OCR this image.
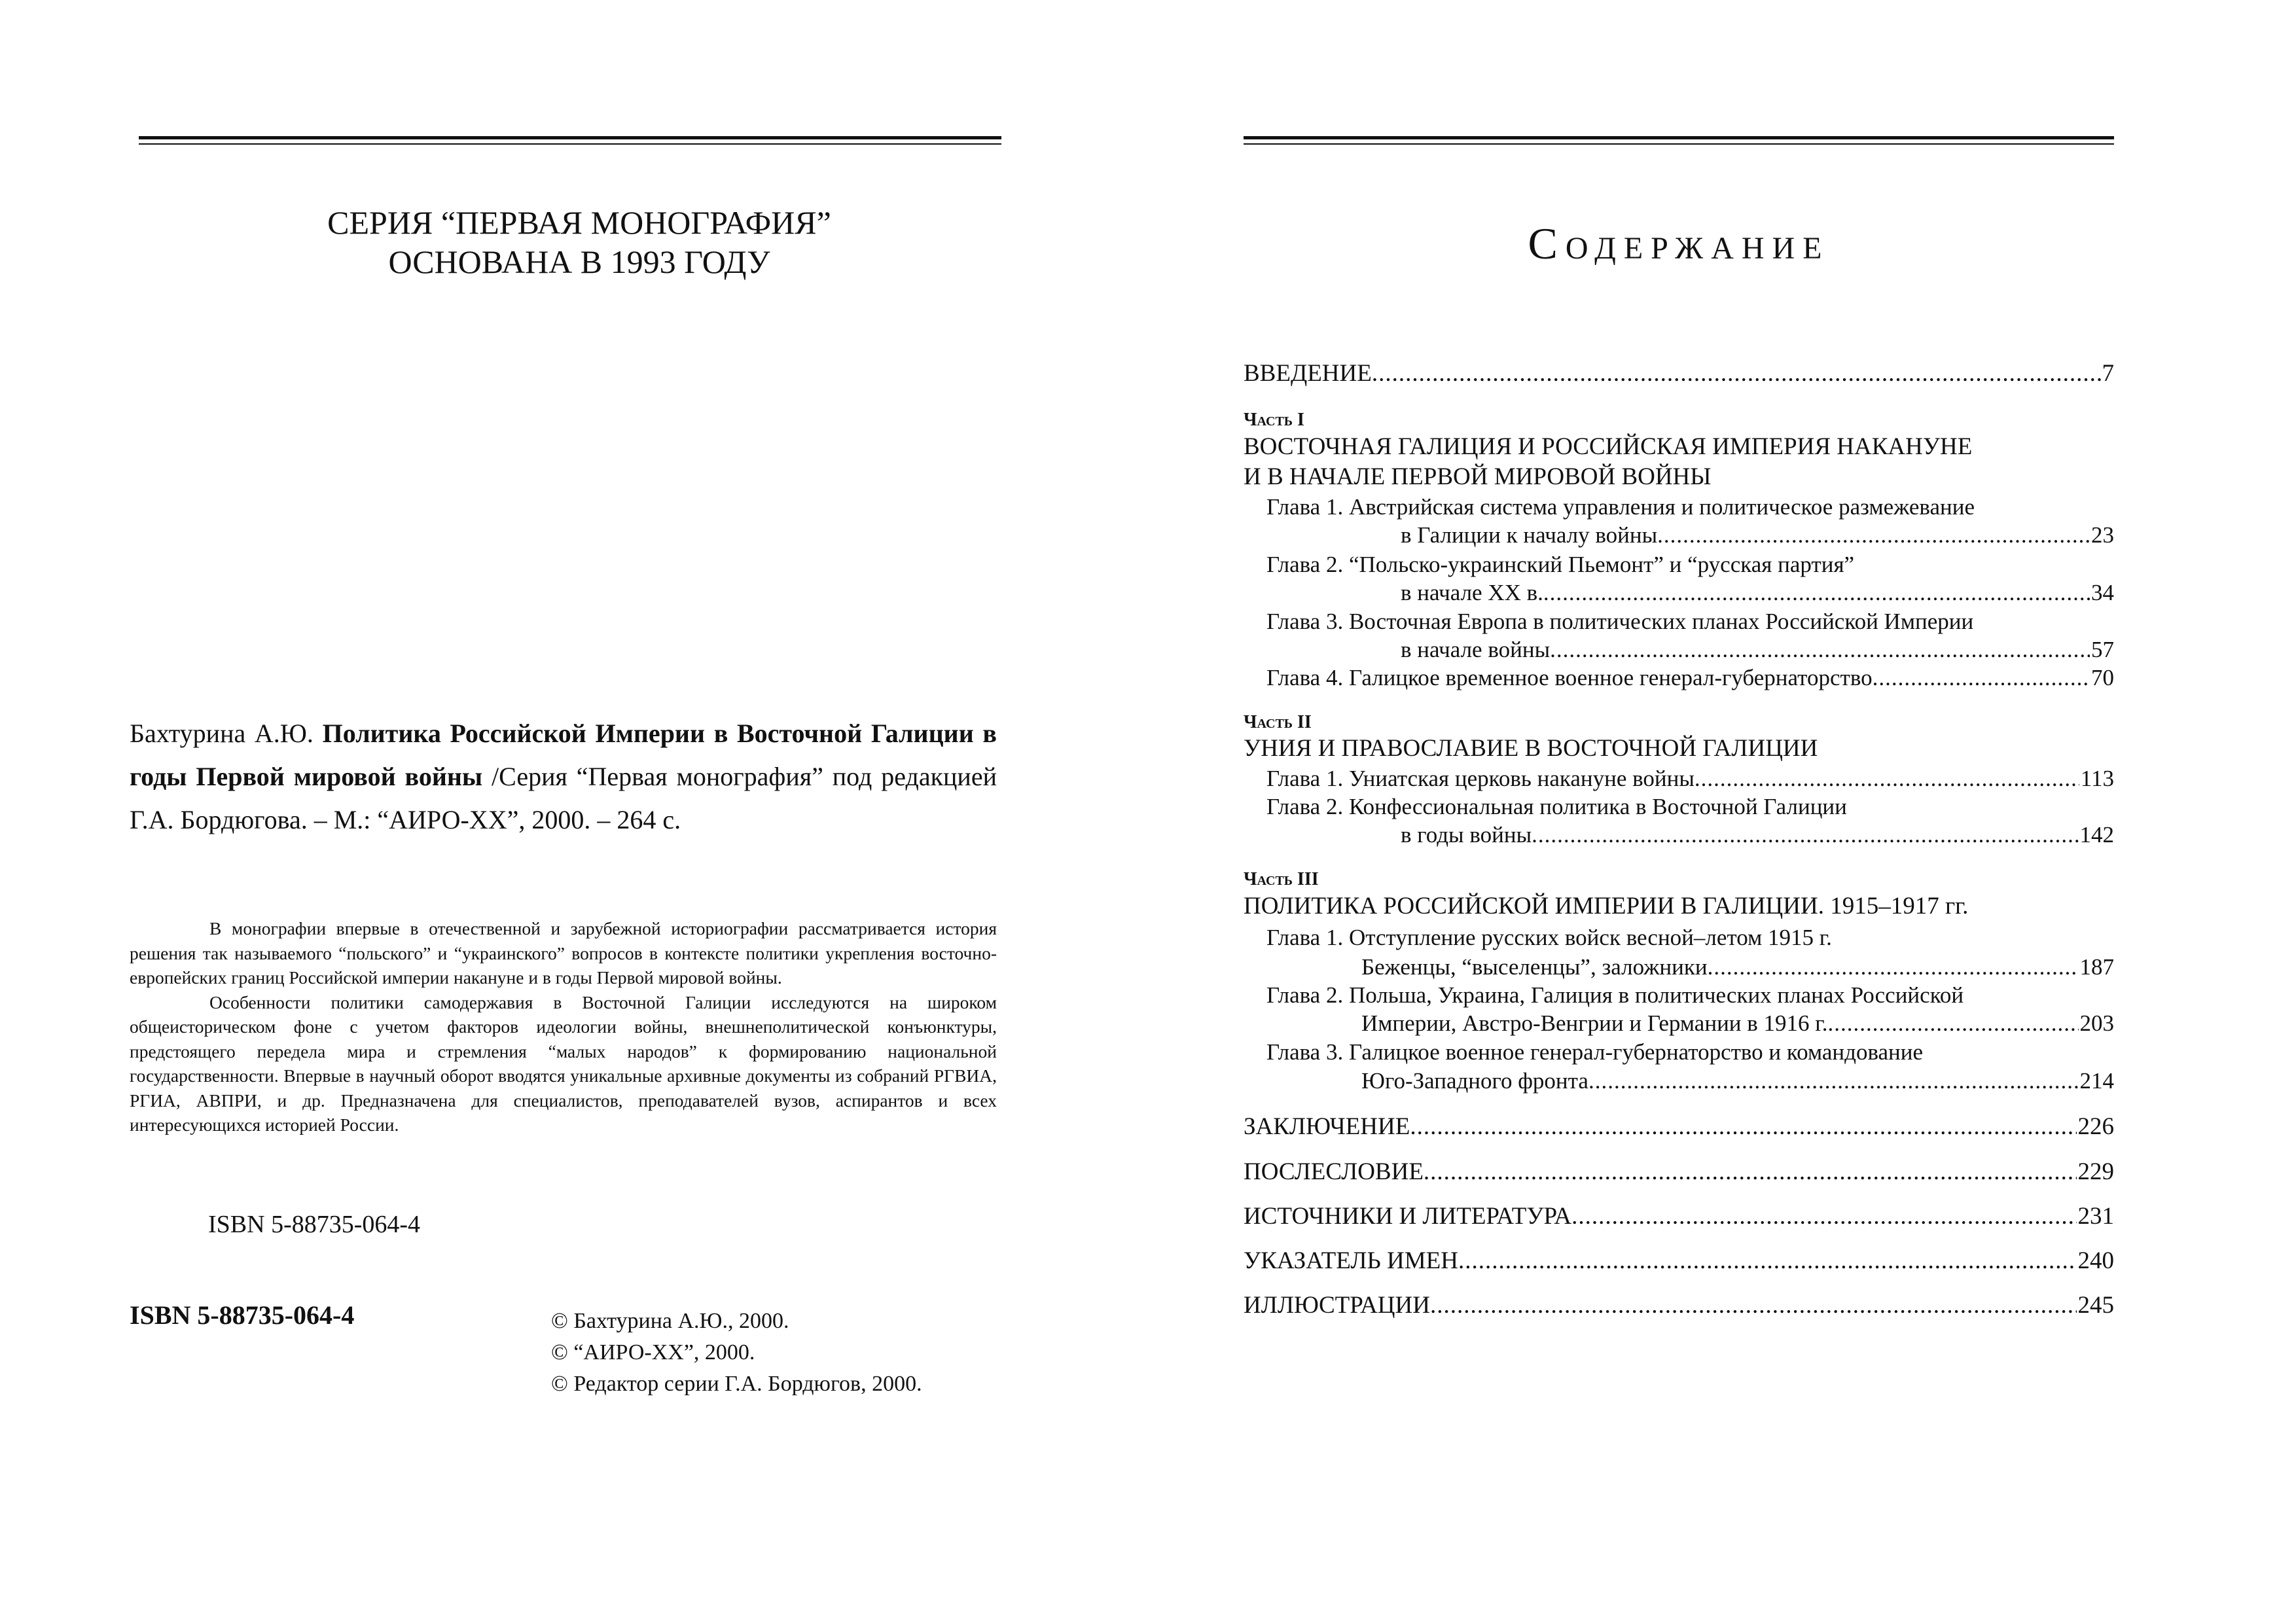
СЕРИЯ “ПЕРВАЯ МОНОГРАФИЯ”
ОСНОВАНА В 1993 ГОДУ
Бахтурина А.Ю. Политика Российской Империи в Восточной Галиции в годы Первой мировой войны /Серия “Первая монография” под редакцией Г.А. Бордюгова. – М.: “АИРО-XX”, 2000. – 264 с.

В монографии впервые в отечественной и зарубежной историографии рассматривается история решения так называемого “польского” и “украинского” вопросов в контексте политики укрепления восточно-европейских границ Российской империи накануне и в годы Первой мировой войны.

Особенности политики самодержавия в Восточной Галиции исследуются на широком общеисторическом фоне с учетом факторов идеологии войны, внешнеполитической конъюнктуры, предстоящего передела мира и стремления “малых народов” к формированию национальной государственности. Впервые в научный оборот вводятся уникальные архивные документы из собраний РГВИА, РГИА, АВПРИ, и др. Предназначена для специалистов, преподавателей вузов, аспирантов и всех интересующихся историей России.

ISBN 5-88735-064-4
ISBN 5-88735-064-4	© Бахтурина А.Ю., 2000.
© “АИРО-XX”, 2000.
© Редактор серии Г.А. Бордюгов, 2000.
Содержание
ВВЕДЕНИЕ .....	7
Часть I
ВОСТОЧНАЯ ГАЛИЦИЯ И РОССИЙСКАЯ ИМПЕРИЯ НАКАНУНЕ
И В НАЧАЛЕ ПЕРВОЙ МИРОВОЙ ВОЙНЫ
Глава 1. Австрийская система управления и политическое размежевание
в Галиции к началу войны .....	23
Глава 2. “Польско-украинский Пьемонт” и “русская партия”
в начале XX в. .....	34
Глава 3. Восточная Европа в политических планах Российской Империи
в начале войны .....	57
Глава 4. Галицкое временное военное генерал-губернаторство .....	70
Часть II
УНИЯ И ПРАВОСЛАВИЕ В ВОСТОЧНОЙ ГАЛИЦИИ
Глава 1. Униатская церковь накануне войны .....	113
Глава 2. Конфессиональная политика в Восточной Галиции
в годы войны .....	142
Часть III
ПОЛИТИКА РОССИЙСКОЙ ИМПЕРИИ В ГАЛИЦИИ. 1915–1917 гг.
Глава 1. Отступление русских войск весной–летом 1915 г.
Беженцы, “выселенцы”, заложники .....	187
Глава 2. Польша, Украина, Галиция в политических планах Российской
Империи, Австро-Венгрии и Германии в 1916 г. .....	203
Глава 3. Галицкое военное генерал-губернаторство и командование
Юго-Западного фронта .....	214
ЗАКЛЮЧЕНИЕ .....	226
ПОСЛЕСЛОВИЕ .....	229
ИСТОЧНИКИ И ЛИТЕРАТУРА .....	231
УКАЗАТЕЛЬ ИМЕН .....	240
ИЛЛЮСТРАЦИИ .....	245
